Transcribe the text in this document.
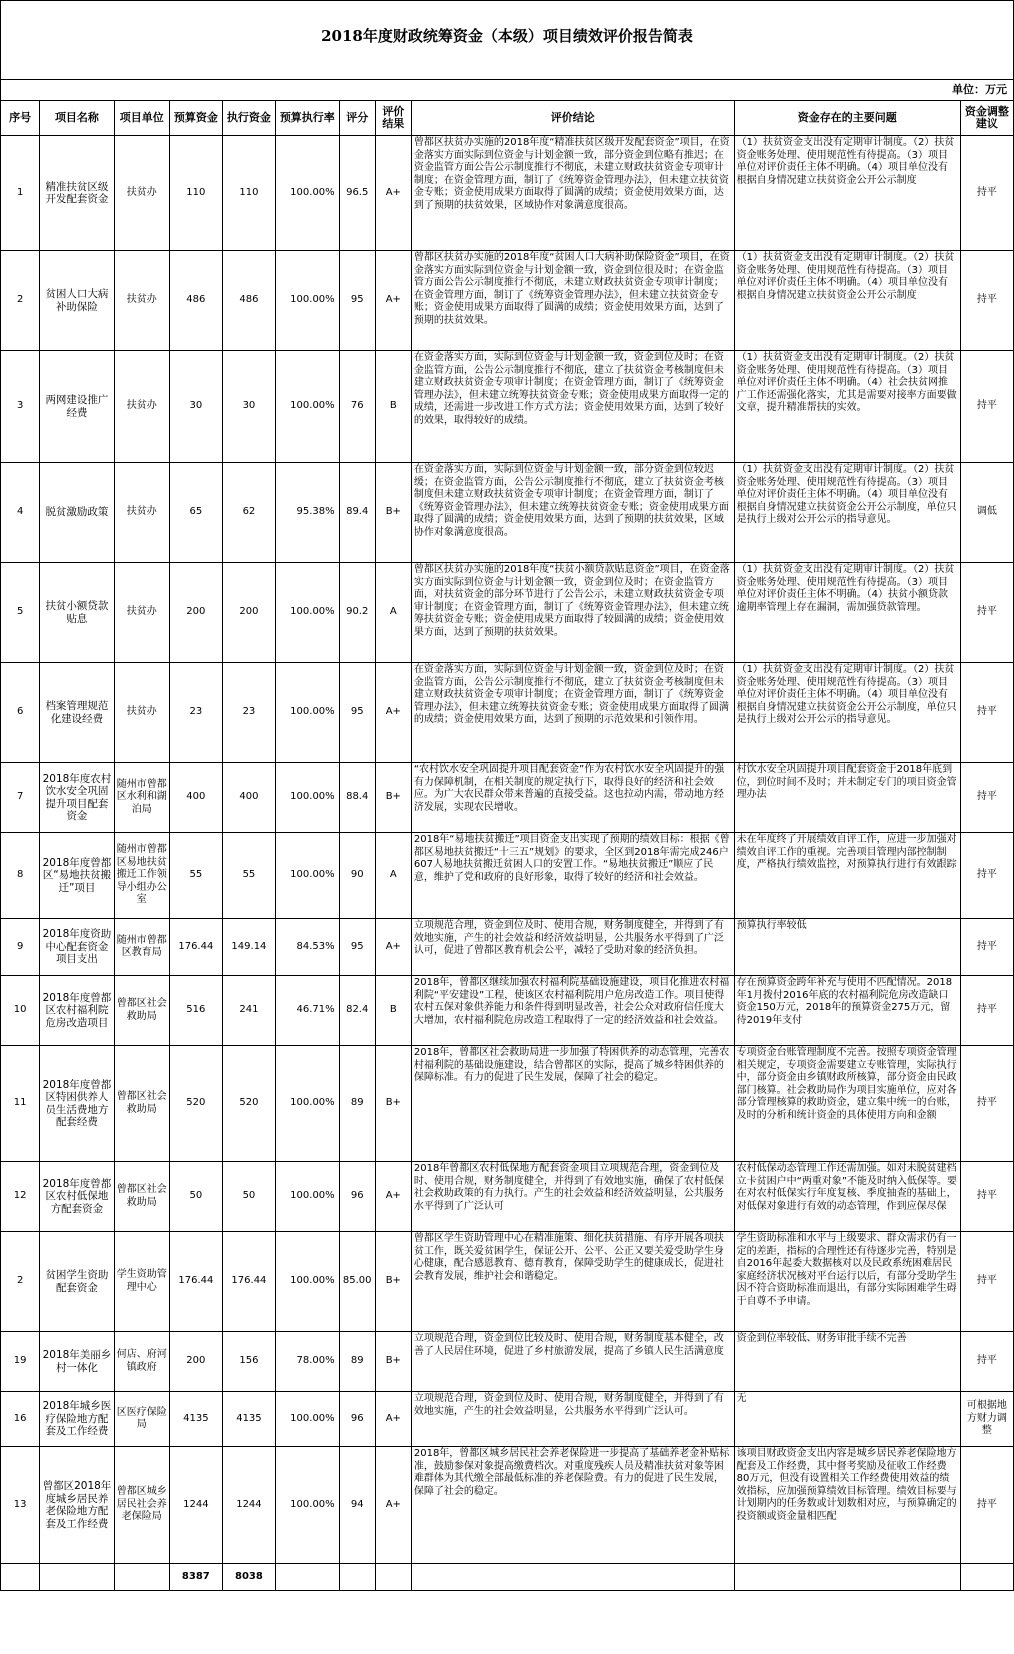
2018年度财政统筹资金（本级）项目绩效评价报告简表
单位：万元
序号	项目名称	项目单位	预算资金	执行资金	预算执行率	评分	评价结果	评价结论	资金存在的主要问题	资金调整建议
1	精准扶贫区级开发配套资金	扶贫办	110	110	100.00%	96.5	A+	曾都区扶贫办实施的2018年度“精准扶贫区级开发配套资金”项目，在资金落实方面实际到位资金与计划金额一致，部分资金到位略有推迟；在资金监管方面公告公示制度推行不彻底，未建立财政扶贫资金专项审计制度；在资金管理方面，制订了《统筹资金管理办法》，但未建立扶贫资金专账；资金使用成果方面取得了圆满的成绩；资金使用效果方面，达到了预期的扶贫效果，区域协作对象满意度很高。	（1）扶贫资金支出没有定期审计制度。（2）扶贫资金账务处理、使用规范性有待提高。（3）项目单位对评价责任主体不明确。（4）项目单位没有根据自身情况建立扶贫资金公开公示制度	持平
2	贫困人口大病补助保险	扶贫办	486	486	100.00%	95	A+	曾都区扶贫办实施的2018年度“贫困人口大病补助保险资金”项目，在资金落实方面实际到位资金与计划金额一致，资金到位很及时；在资金监管方面公告公示制度推行不彻底，未建立财政扶贫资金专项审计制度；在资金管理方面，制订了《统筹资金管理办法》，但未建立扶贫资金专账；资金使用成果方面取得了圆满的成绩；资金使用效果方面，达到了预期的扶贫效果。	（1）扶贫资金支出没有定期审计制度。（2）扶贫资金账务处理、使用规范性有待提高。（3）项目单位对评价责任主体不明确。（4）项目单位没有根据自身情况建立扶贫资金公开公示制度	持平
3	两网建设推广经费	扶贫办	30	30	100.00%	76	B	在资金落实方面，实际到位资金与计划金额一致，资金到位及时；在资金监管方面，公告公示制度推行不彻底，建立了扶贫资金考核制度但未建立财政扶贫资金专项审计制度；在资金管理方面，制订了《统筹资金管理办法》，但未建立统筹扶贫资金专账；资金使用成果方面取得一定的成绩，还需进一步改进工作方式方法；资金使用效果方面，达到了较好的效果，取得较好的成绩。	（1）扶贫资金支出没有定期审计制度。（2）扶贫资金账务处理、使用规范性有待提高。（3）项目单位对评价责任主体不明确。（4）社会扶贫网推广工作还需强化落实，尤其是需要对接率方面要做文章，提升精准帮扶的实效。	持平
4	脱贫激励政策	扶贫办	65	62	95.38%	89.4	B+	在资金落实方面，实际到位资金与计划金额一致，部分资金到位较迟缓；在资金监管方面，公告公示制度推行不彻底，建立了扶贫资金考核制度但未建立财政扶贫资金专项审计制度；在资金管理方面，制订了《统筹资金管理办法》，但未建立统筹扶贫资金专账；资金使用成果方面取得了圆满的成绩；资金使用效果方面，达到了预期的扶贫效果，区域协作对象满意度很高。	（1）扶贫资金支出没有定期审计制度。（2）扶贫资金账务处理、使用规范性有待提高。（3）项目单位对评价责任主体不明确。（4）项目单位没有根据自身情况建立扶贫资金公开公示制度，单位只是执行上级对公开公示的指导意见。	调低
5	扶贫小额贷款贴息	扶贫办	200	200	100.00%	90.2	A	曾都区扶贫办实施的2018年度“扶贫小额贷款贴息资金”项目，在资金落实方面实际到位资金与计划金额一致，资金到位及时；在资金监管方面，对扶贫资金的部分环节进行了公告公示，未建立财政扶贫资金专项审计制度；在资金管理方面，制订了《统筹资金管理办法》，但未建立统筹扶贫资金专账；资金使用成果方面取得了较圆满的成绩；资金使用效果方面，达到了预期的扶贫效果。	（1）扶贫资金支出没有定期审计制度。（2）扶贫资金账务处理、使用规范性有待提高。（3）项目单位对评价责任主体不明确。（4）扶贫小额贷款逾期率管理上存在漏洞，需加强贷款管理。	持平
6	档案管理规范化建设经费	扶贫办	23	23	100.00%	95	A+	在资金落实方面，实际到位资金与计划金额一致，资金到位及时；在资金监管方面，公告公示制度推行不彻底，建立了扶贫资金考核制度但未建立财政扶贫资金专项审计制度；在资金管理方面，制订了《统筹资金管理办法》，但未建立统筹扶贫资金专账；资金使用成果方面取得了圆满的成绩；资金使用效果方面，达到了预期的示范效果和引领作用。	（1）扶贫资金支出没有定期审计制度。（2）扶贫资金账务处理、使用规范性有待提高。（3）项目单位对评价责任主体不明确。（4）项目单位没有根据自身情况建立扶贫资金公开公示制度，单位只是执行上级对公开公示的指导意见。	持平
7	2018年度农村饮水安全巩固提升项目配套资金	随州市曾都区水利和湖泊局	400	400	100.00%	88.4	B+	“农村饮水安全巩固提升项目配套资金”作为农村饮水安全巩固提升的强有力保障机制，在相关制度的规定执行下，取得良好的经济和社会效应。为广大农民群众带来普遍的直接受益。这也拉动内需，带动地方经济发展，实现农民增收。	村饮水安全巩固提升项目配套资金于2018年底到位，到位时间不及时；并未制定专门的项目资金管理办法	持平
8	2018年度曾都区“易地扶贫搬迁”项目	随州市曾都区易地扶贫搬迁工作领导小组办公室	55	55	100.00%	90	A	2018年“易地扶贫搬迁”项目资金支出实现了预期的绩效目标：根据《曾都区易地扶贫搬迁“十三五”规划》的要求，全区到2018年需完成246户607人易地扶贫搬迁贫困人口的安置工作。“易地扶贫搬迁”顺应了民意，维护了党和政府的良好形象，取得了较好的经济和社会效益。	未在年度终了开展绩效自评工作，应进一步加强对绩效自评工作的重视。完善项目管理内部控制制度，严格执行绩效监控，对预算执行进行有效跟踪	持平
9	2018年度资助中心配套资金项目支出	随州市曾都区教育局	176.44	149.14	84.53%	95	A+	立项规范合理，资金到位及时、使用合规，财务制度健全，并得到了有效地实施，产生的社会效益和经济效益明显，公共服务水平得到了广泛认可，促进了曾都区教育机会公平，减轻了受助对象的经济负担。	预算执行率较低	持平
10	2018年度曾都区农村福利院危房改造项目	曾都区社会救助局	516	241	46.71%	82.4	B	2018年，曾都区继续加强农村福利院基础设施建设，项目化推进农村福利院“平安建设”工程，使该区农村福利院用户危房改造工作。项目使得农村五保对象供养能力和条件得到明显改善，社会公众对政府信任度大大增加，农村福利院危房改造工程取得了一定的经济效益和社会效益。	存在预算资金跨年补充与使用不匹配情况。2018年1月拨付2016年底的农村福利院危房改造缺口资金150万元，2018年的预算资金275万元，留待2019年支付	持平
11	2018年度曾都区特困供养人员生活费地方配套经费	曾都区社会救助局	520	520	100.00%	89	B+	2018年，曾都区社会救助局进一步加强了特困供养的动态管理，完善农村福利院的基础设施建设，结合曾都区的实际，提高了城乡特困供养的保障标准。有力的促进了民生发展，保障了社会的稳定。	专项资金台账管理制度不完善。按照专项资金管理相关规定，专项资金需要建立专账管理，实际执行中，部分资金由乡镇财政所核算，部分资金由民政部门核算。社会救助局作为项目实施单位，应对各部分管理核算的救助资金，建立集中统一的台账，及时的分析和统计资金的具体使用方向和金额	持平
12	2018年度曾都区农村低保地方配套资金	曾都区社会救助局	50	50	100.00%	96	A+	2018年曾都区农村低保地方配套资金项目立项规范合理，资金到位及时、使用合规，财务制度健全，并得到了有效地实施，确保了农村低保社会救助政策的有力执行。产生的社会效益和经济效益明显，公共服务水平得到了广泛认可	农村低保动态管理工作还需加强。如对未脱贫建档立卡贫困户中“两重对象”不能及时纳入低保等。要在对农村低保实行年度复核、季度抽查的基础上，对低保对象进行有效的动态管理，作到应保尽保	持平
2	贫困学生资助配套资金	学生资助管理中心	176.44	176.44	100.00%	85.00	B+	曾都区学生资助管理中心在精准施策、细化扶贫措施、有序开展各项扶贫工作，既关爱贫困学生，保证公开、公平、公正又要关爱受助学生身心健康，配合感恩教育、德育教育，保障受助学生的健康成长，促进社会教育发展，维护社会和谐稳定。	学生资助标准和水平与上级要求、群众需求仍有一定的差距，指标的合理性还有待逐步完善，特别是自2016年起委大数据核对以及民政系统困难居民家庭经济状况核对平台运行以后，有部分受助学生因不符合资助标准而退出，有部分实际困难学生碍于自尊不予申请。	持平
19	2018年美丽乡村一体化	何店、府河镇政府	200	156	78.00%	89	B+	立项规范合理，资金到位比较及时、使用合规，财务制度基本健全，改善了人民居住环境，促进了乡村旅游发展，提高了乡镇人民生活满意度	资金到位率较低、财务审批手续不完善	持平
16	2018年城乡医疗保险地方配套及工作经费	区医疗保险局	4135	4135	100.00%	96	A+	立项规范合理，资金到位及时、使用合规，财务制度健全，并得到了有效地实施，产生的社会效益明显，公共服务水平得到广泛认可。	无	可根据地方财力调整
13	曾都区2018年度城乡居民养老保险地方配套及工作经费	曾都区城乡居民社会养老保险局	1244	1244	100.00%	94	A+	2018年，曾都区城乡居民社会养老保险进一步提高了基础养老金补贴标准，鼓励参保对象提高缴费档次。对重度残疾人员及精准扶贫对象等困难群体为其代缴全部最低标准的养老保险费。有力的促进了民生发展，保障了社会的稳定。	该项目财政资金支出内容是城乡居民养老保险地方配套及工作经费，其中督考奖励及征收工作经费80万元，但没有设置相关工作经费使用效益的绩效指标，应加强预算绩效目标管理。绩效目标要与计划期内的任务数或计划数相对应，与预算确定的投资额或资金量相匹配	持平
			8387	8038						
